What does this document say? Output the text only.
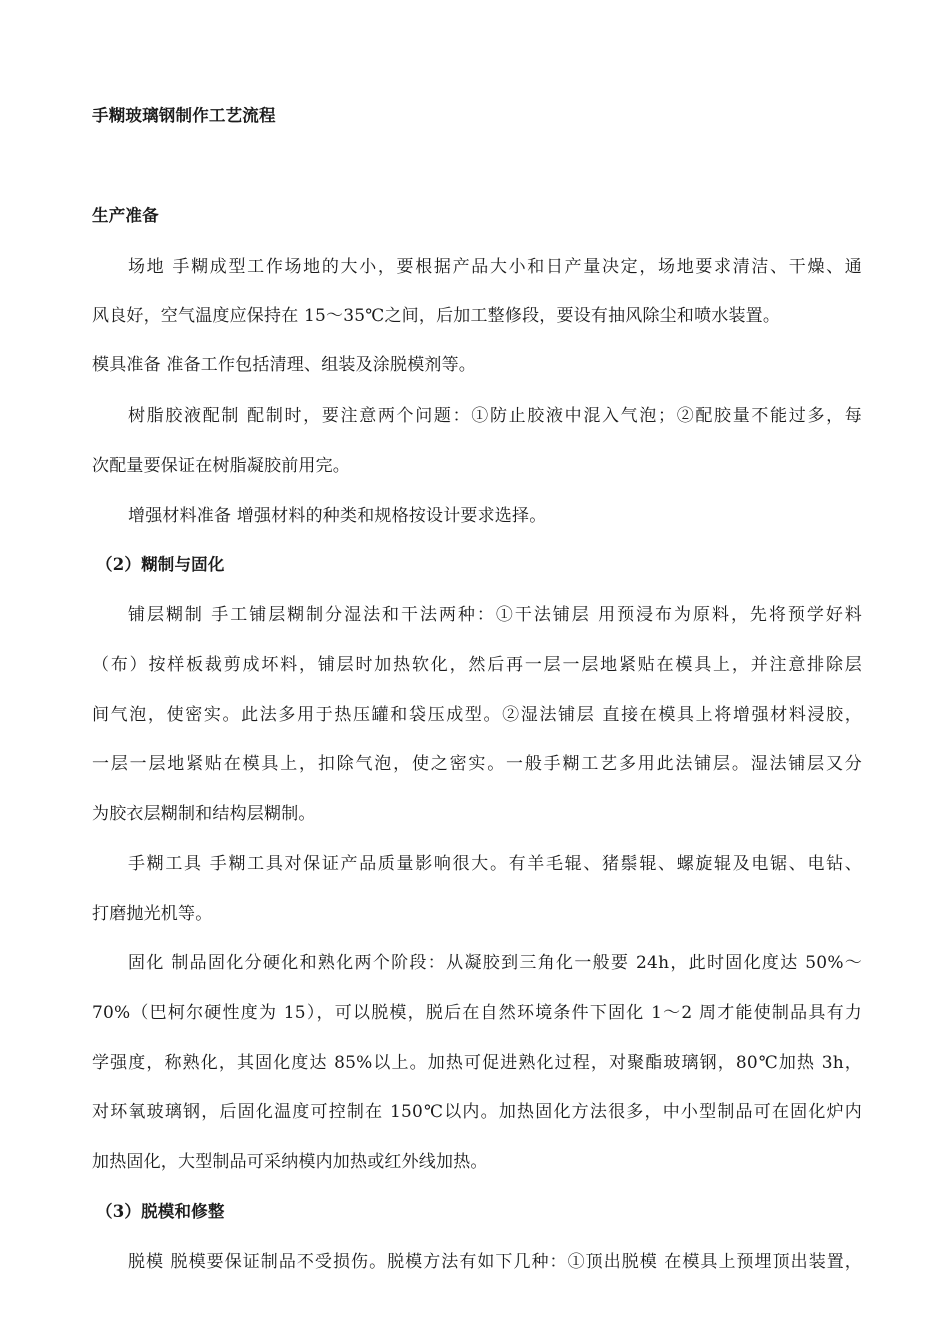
手糊玻璃钢制作工艺流程
生产准备
场地 手糊成型工作场地的大小，要根据产品大小和日产量决定，场地要求清洁、干燥、通
风良好，空气温度应保持在 15～35℃之间，后加工整修段，要设有抽风除尘和喷水装置。
模具准备 准备工作包括清理、组装及涂脱模剂等。
树脂胶液配制 配制时，要注意两个问题：①防止胶液中混入气泡；②配胶量不能过多，每
次配量要保证在树脂凝胶前用完。
增强材料准备 增强材料的种类和规格按设计要求选择。
（2）糊制与固化
铺层糊制 手工铺层糊制分湿法和干法两种：①干法铺层 用预浸布为原料，先将预学好料
（布）按样板裁剪成坏料，铺层时加热软化，然后再一层一层地紧贴在模具上，并注意排除层
间气泡，使密实。此法多用于热压罐和袋压成型。②湿法铺层 直接在模具上将增强材料浸胶，
一层一层地紧贴在模具上，扣除气泡，使之密实。一般手糊工艺多用此法铺层。湿法铺层又分
为胶衣层糊制和结构层糊制。
手糊工具 手糊工具对保证产品质量影响很大。有羊毛辊、猪鬃辊、螺旋辊及电锯、电钻、
打磨抛光机等。
固化 制品固化分硬化和熟化两个阶段：从凝胶到三角化一般要 24h，此时固化度达 50%～
70%（巴柯尔硬性度为 15），可以脱模，脱后在自然环境条件下固化 1～2 周才能使制品具有力
学强度，称熟化，其固化度达 85%以上。加热可促进熟化过程，对聚酯玻璃钢，80℃加热 3h，
对环氧玻璃钢，后固化温度可控制在 150℃以内。加热固化方法很多，中小型制品可在固化炉内
加热固化，大型制品可采纳模内加热或红外线加热。
（3）脱模和修整
脱模 脱模要保证制品不受损伤。脱模方法有如下几种：①顶出脱模 在模具上预埋顶出装置，
